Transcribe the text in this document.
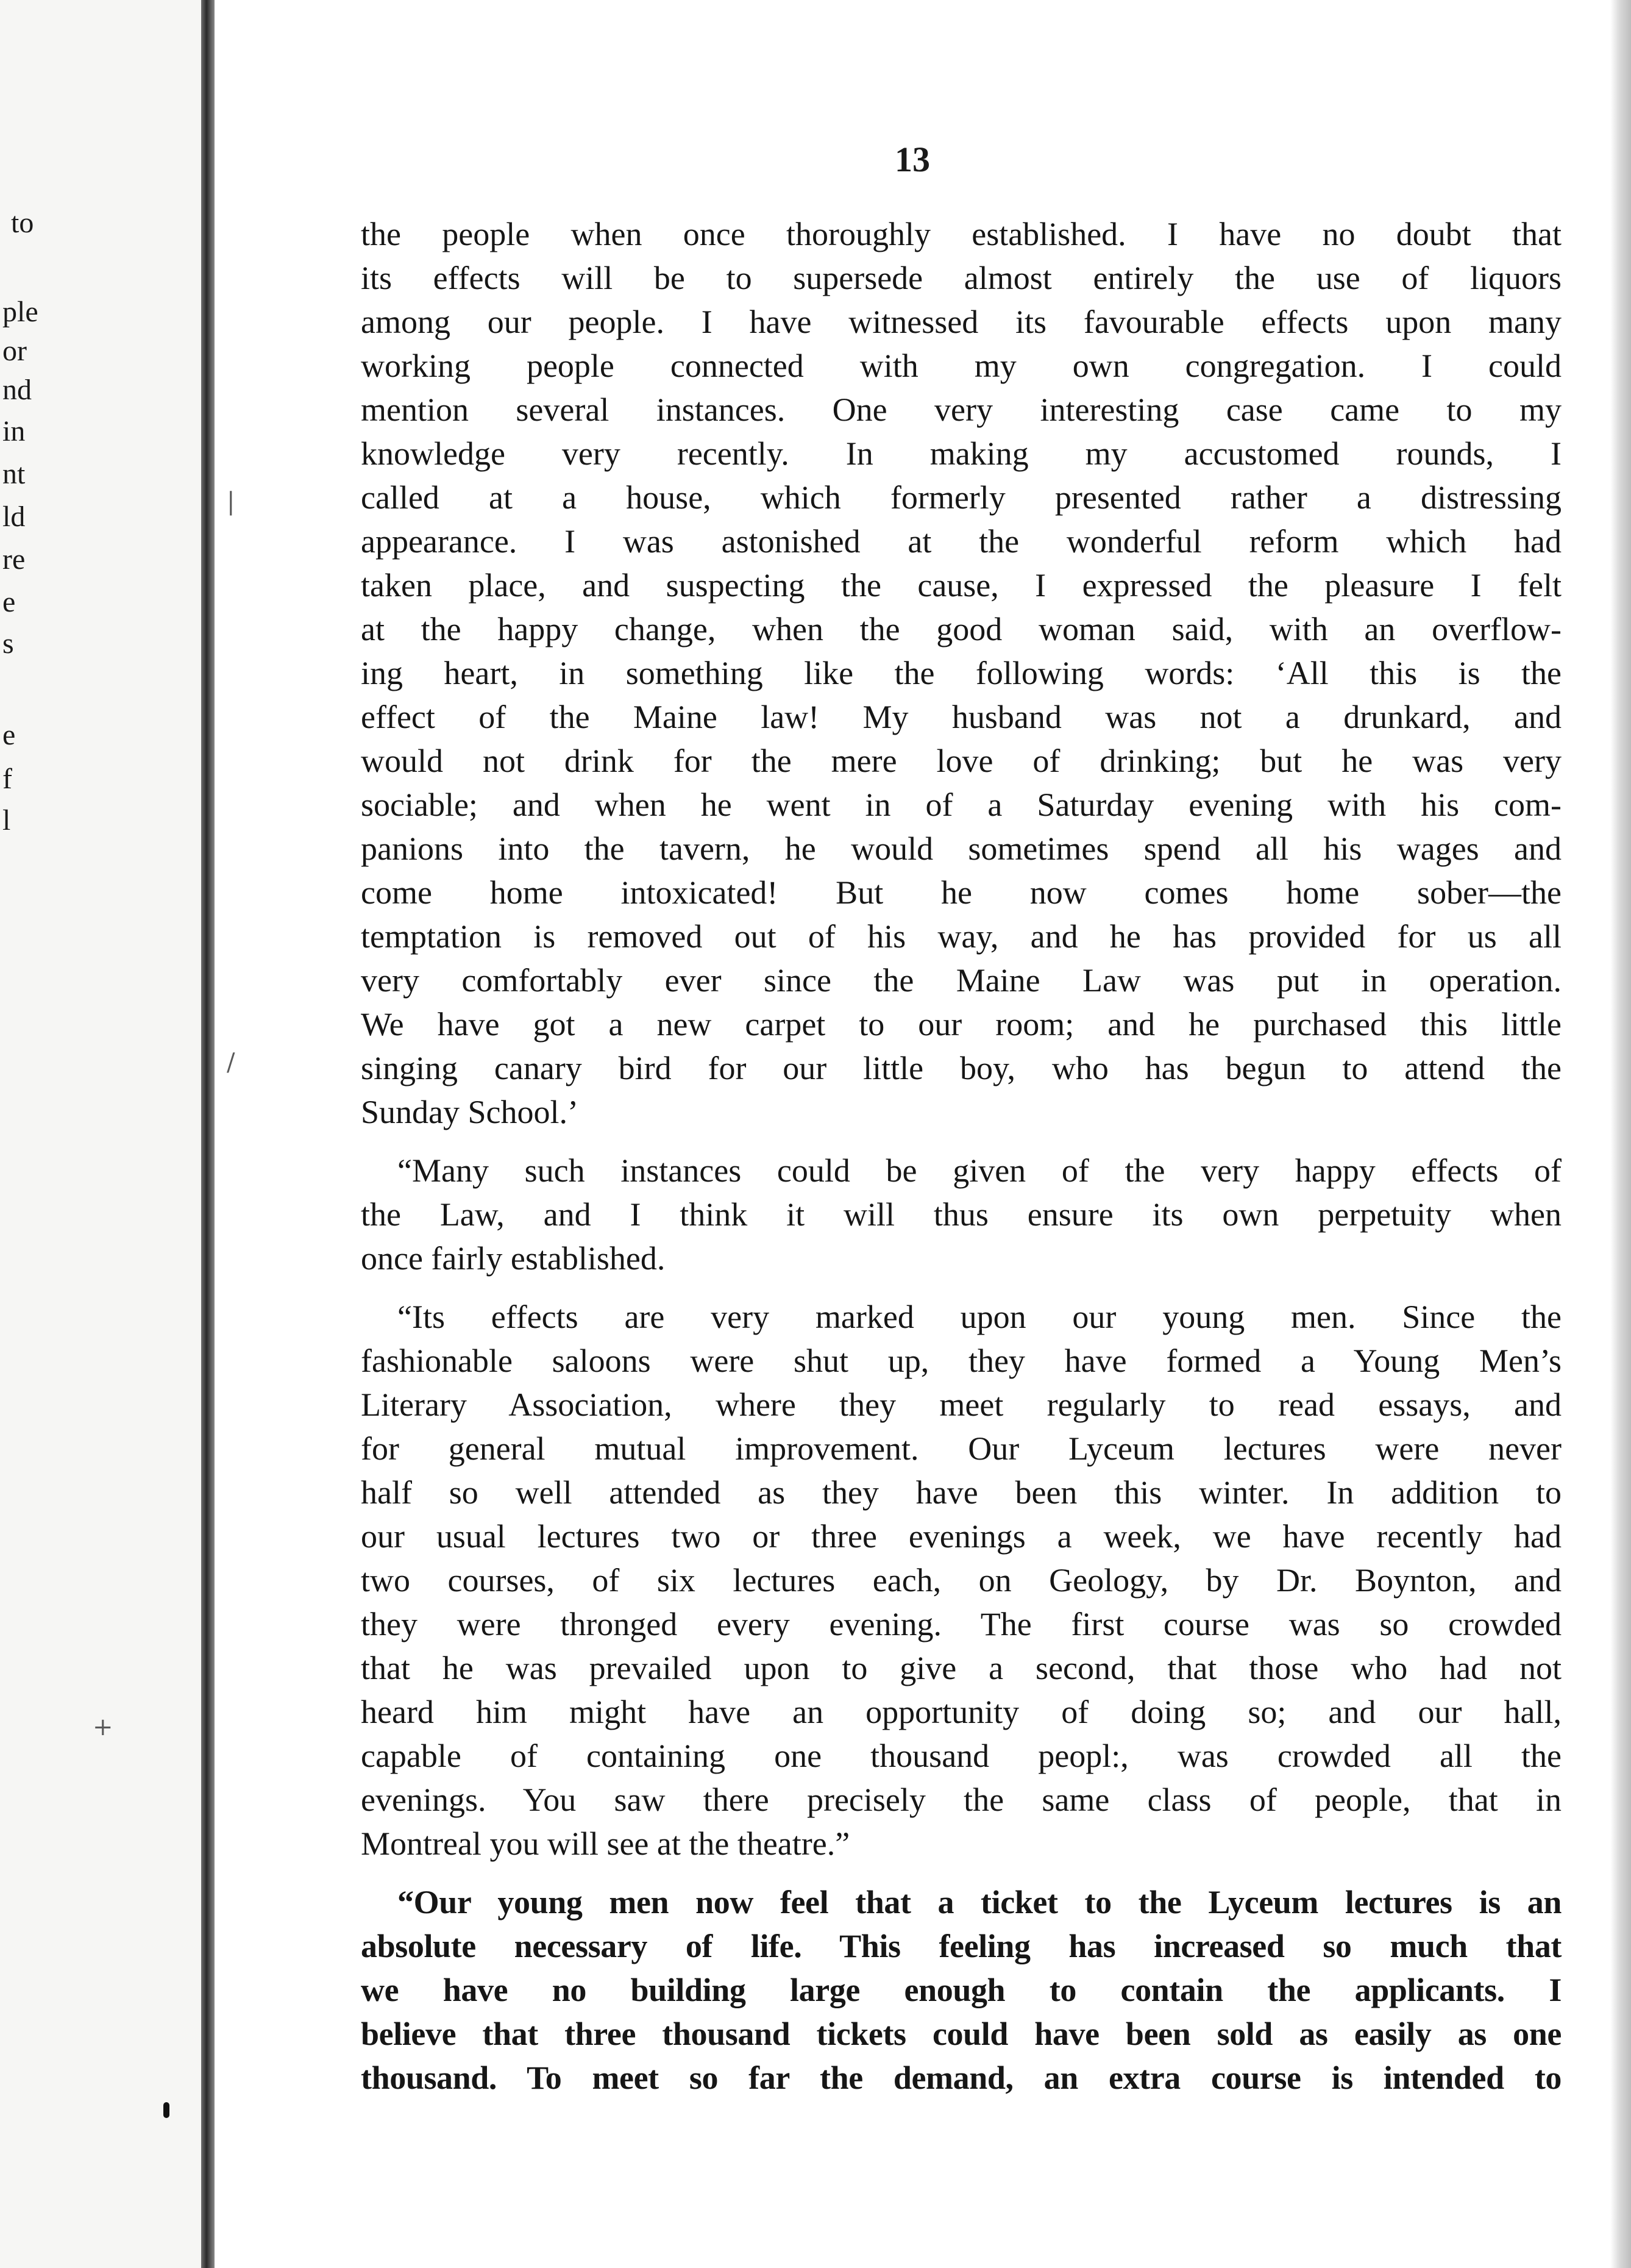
to
ple
or
nd
in
nt
ld
re
e
s
e
f
l
13
|
/
+
the people when once thoroughly established. I have no doubt that
its effects will be to supersede almost entirely the use of liquors
among our people. I have witnessed its favourable effects upon many
working people connected with my own congregation. I could
mention several instances. One very interesting case came to my
knowledge very recently. In making my accustomed rounds, I
called at a house, which formerly presented rather a distressing
appearance. I was astonished at the wonderful reform which had
taken place, and suspecting the cause, I expressed the pleasure I felt
at the happy change, when the good woman said, with an overflow-
ing heart, in something like the following words: ‘All this is the
effect of the Maine law! My husband was not a drunkard, and
would not drink for the mere love of drinking; but he was very
sociable; and when he went in of a Saturday evening with his com-
panions into the tavern, he would sometimes spend all his wages and
come home intoxicated! But he now comes home sober—the
temptation is removed out of his way, and he has provided for us all
very comfortably ever since the Maine Law was put in operation.
We have got a new carpet to our room; and he purchased this little
singing canary bird for our little boy, who has begun to attend the
Sunday School.’
“Many such instances could be given of the very happy effects of
the Law, and I think it will thus ensure its own perpetuity when
once fairly established.
“Its effects are very marked upon our young men. Since the
fashionable saloons were shut up, they have formed a Young Men’s
Literary Association, where they meet regularly to read essays, and
for general mutual improvement. Our Lyceum lectures were never
half so well attended as they have been this winter. In addition to
our usual lectures two or three evenings a week, we have recently had
two courses, of six lectures each, on Geology, by Dr. Boynton, and
they were thronged every evening. The first course was so crowded
that he was prevailed upon to give a second, that those who had not
heard him might have an opportunity of doing so; and our hall,
capable of containing one thousand peopl:, was crowded all the
evenings. You saw there precisely the same class of people, that in
Montreal you will see at the theatre.”
“Our young men now feel that a ticket to the Lyceum lectures is an
absolute necessary of life. This feeling has increased so much that
we have no building large enough to contain the applicants. I
believe that three thousand tickets could have been sold as easily as one
thousand. To meet so far the demand, an extra course is intended to
